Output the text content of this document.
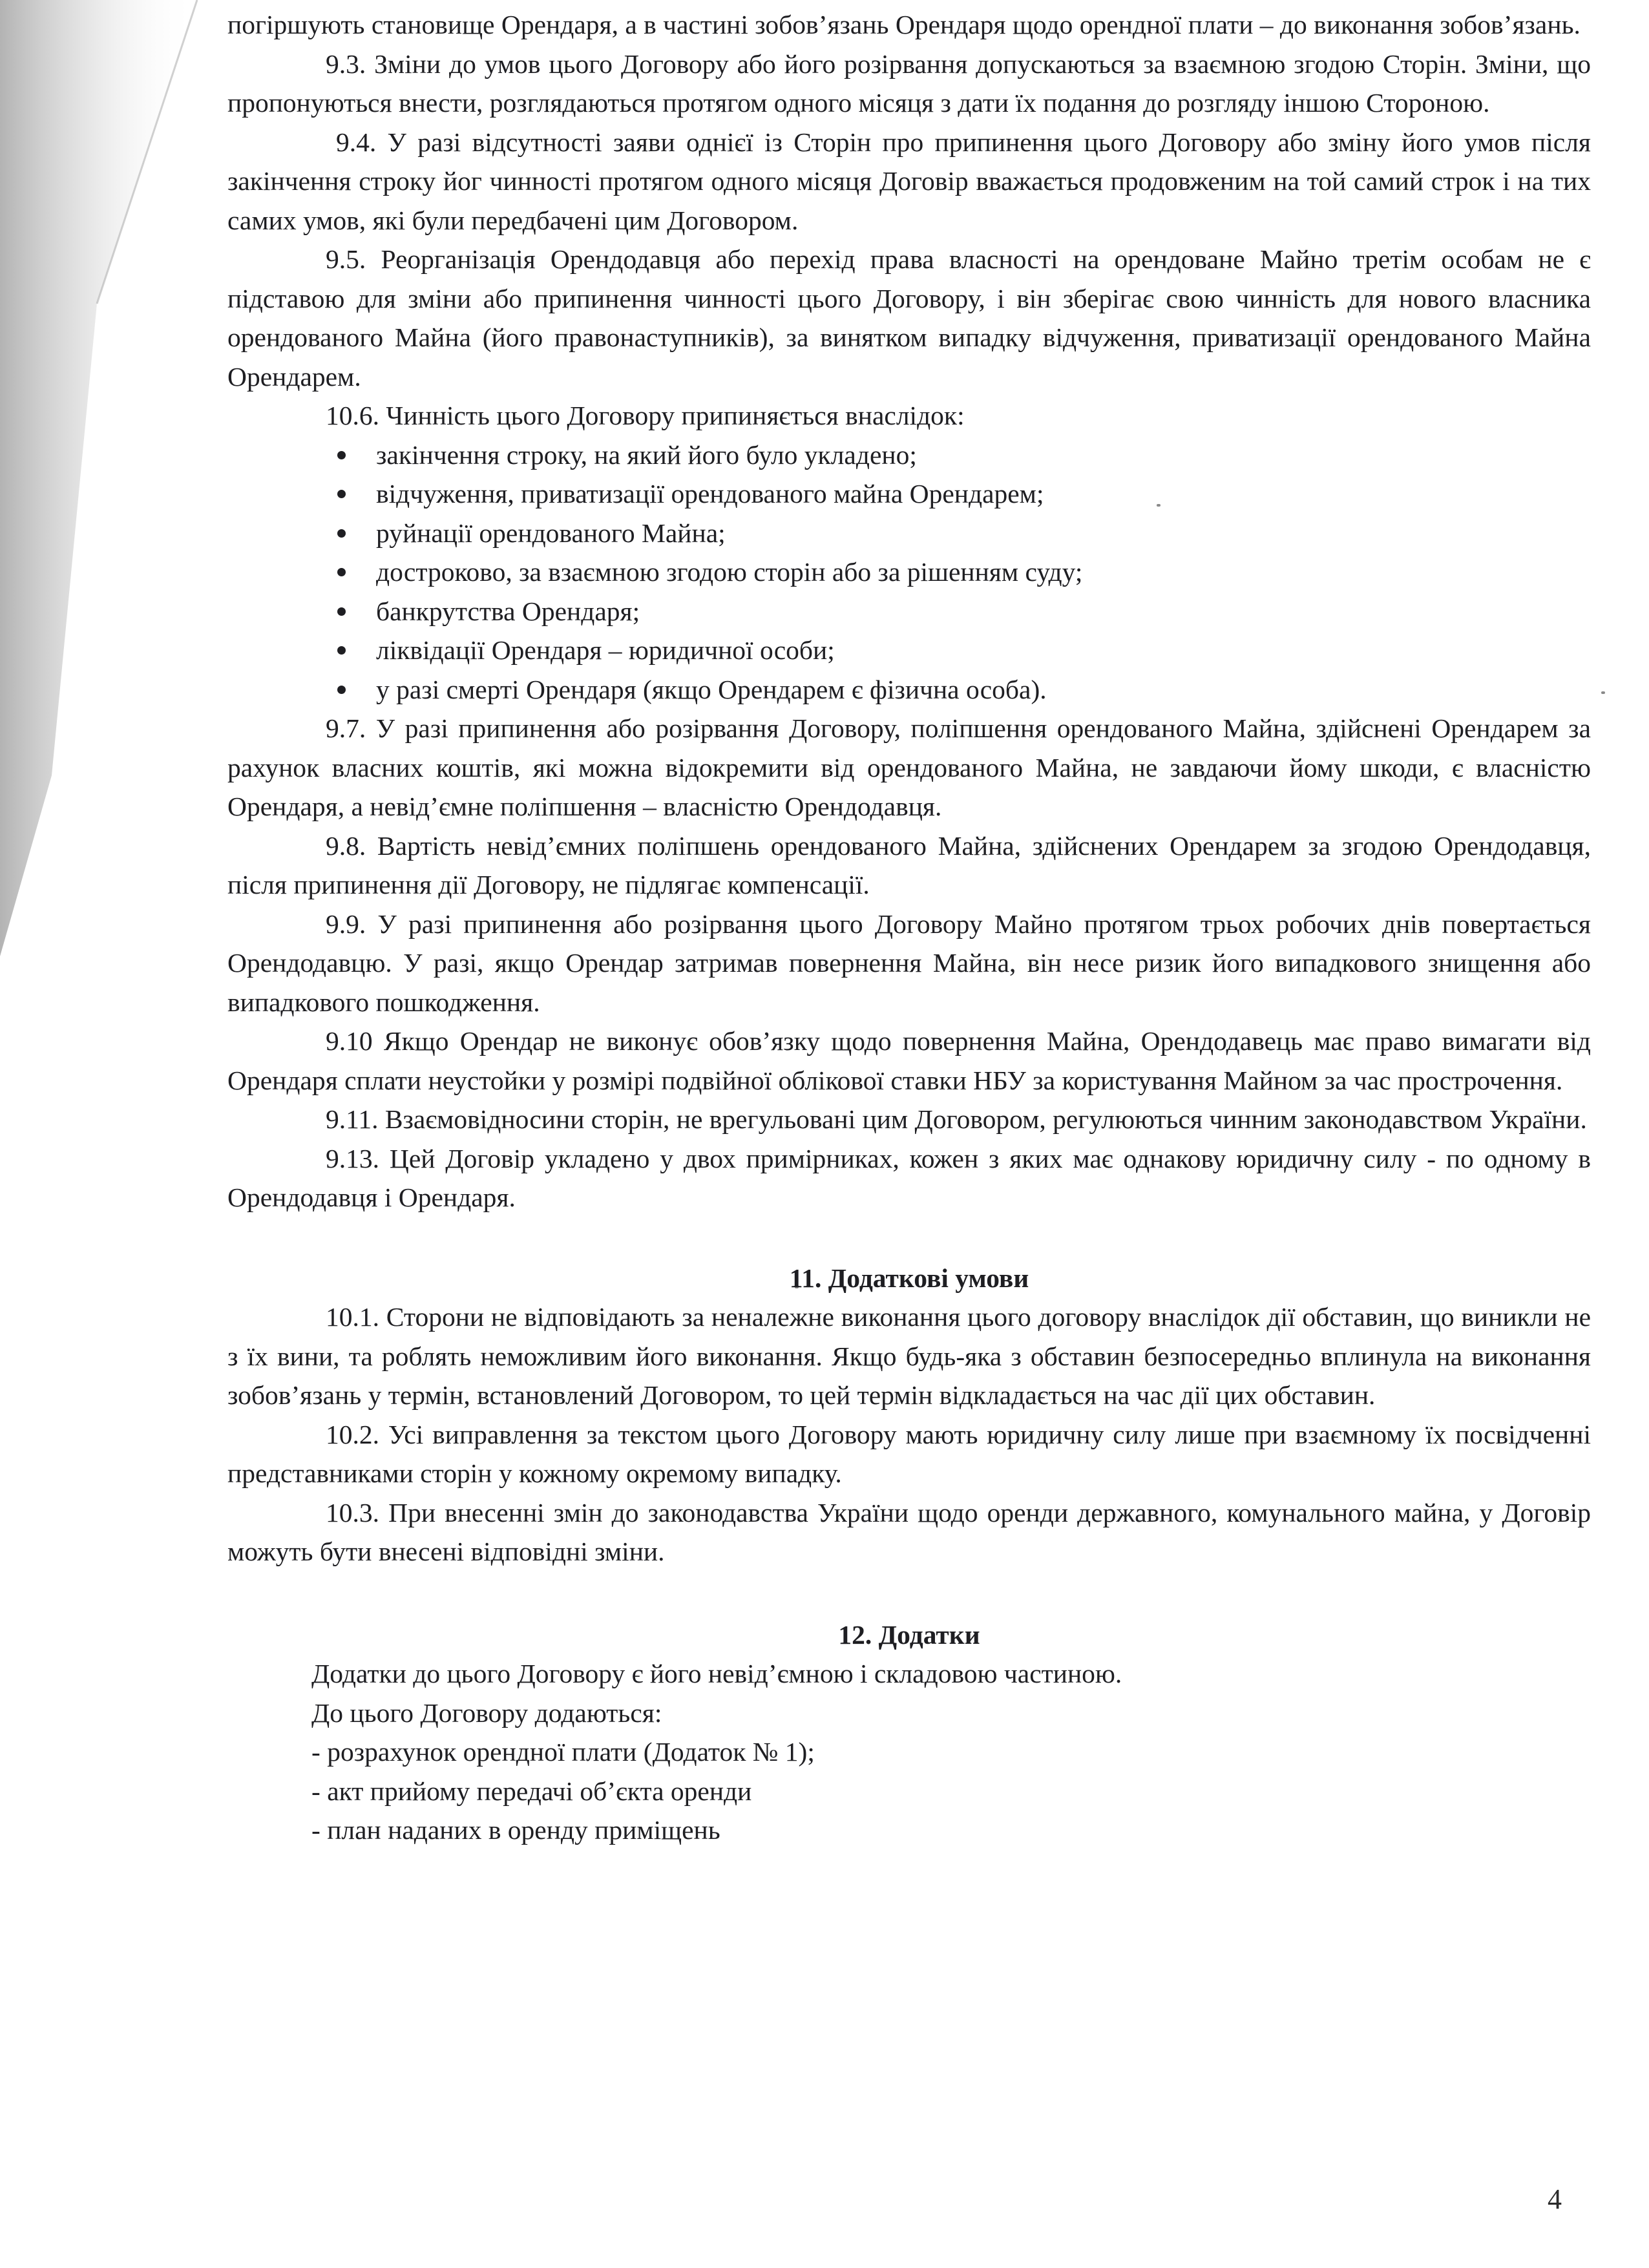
погіршують становище Орендаря, а в частині зобов’язань Орендаря щодо орендної плати – до виконання зобов’язань.

9.3. Зміни до умов цього Договору або його розірвання допускаються за взаємною згодою Сторін. Зміни, що пропонуються внести, розглядаються протягом одного місяця з дати їх подання до розгляду іншою Стороною.

9.4. У разі відсутності заяви однієї із Сторін про припинення цього Договору або зміну його умов після закінчення строку йог чинності протягом одного місяця Договір вважається продовженим на той самий строк і на тих самих умов, які були передбачені цим Договором.

9.5. Реорганізація Орендодавця або перехід права власності на орендоване Майно третім особам не є підставою для зміни або припинення чинності цього Договору, і він зберігає свою чинність для нового власника орендованого Майна (його правонаступників), за винятком випадку відчуження, приватизації орендованого Майна Орендарем.

10.6. Чинність цього Договору припиняється внаслідок:

закінчення строку, на який його було укладено;
відчуження, приватизації орендованого майна Орендарем;
руйнації орендованого Майна;
достроково, за взаємною згодою сторін або за рішенням суду;
банкрутства Орендаря;
ліквідації Орендаря – юридичної особи;
у разі смерті Орендаря (якщо Орендарем є фізична особа).

9.7. У разі припинення або розірвання Договору, поліпшення орендованого Майна, здійснені Орендарем за рахунок власних коштів, які можна відокремити від орендованого Майна, не завдаючи йому шкоди, є власністю Орендаря, а невід’ємне поліпшення – власністю Орендодавця.

9.8. Вартість невід’ємних поліпшень орендованого Майна, здійснених Орендарем за згодою Орендодавця, після припинення дії Договору, не підлягає компенсації.

9.9. У разі припинення або розірвання цього Договору Майно протягом трьох робочих днів повертається Орендодавцю. У разі, якщо Орендар затримав повернення Майна, він несе ризик його випадкового знищення або випадкового пошкодження.

9.10 Якщо Орендар не виконує обов’язку щодо повернення Майна, Орендодавець має право вимагати від Орендаря сплати неустойки у розмірі подвійної облікової ставки НБУ за користування Майном за час прострочення.

9.11. Взаємовідносини сторін, не врегульовані цим Договором, регулюються чинним законодавством України.

9.13. Цей Договір укладено у двох примірниках, кожен з яких має однакову юридичну силу - по одному в Орендодавця і Орендаря.

11. Додаткові умови

10.1. Сторони не відповідають за неналежне виконання цього договору внаслідок дії обставин, що виникли не з їх вини, та роблять неможливим його виконання. Якщо будь-яка з обставин безпосередньо вплинула на виконання зобов’язань у термін, встановлений Договором, то цей термін відкладається на час дії цих обставин.

10.2. Усі виправлення за текстом цього Договору мають юридичну силу лише при взаємному їх посвідченні представниками сторін у кожному окремому випадку.

10.3. При внесенні змін до законодавства України щодо оренди державного, комунального майна, у Договір можуть бути внесені відповідні зміни.

12. Додатки

Додатки до цього Договору є його невід’ємною і складовою частиною.

До цього Договору додаються:

- розрахунок орендної плати (Додаток № 1);

- акт прийому передачі об’єкта оренди

- план наданих в оренду приміщень

4
